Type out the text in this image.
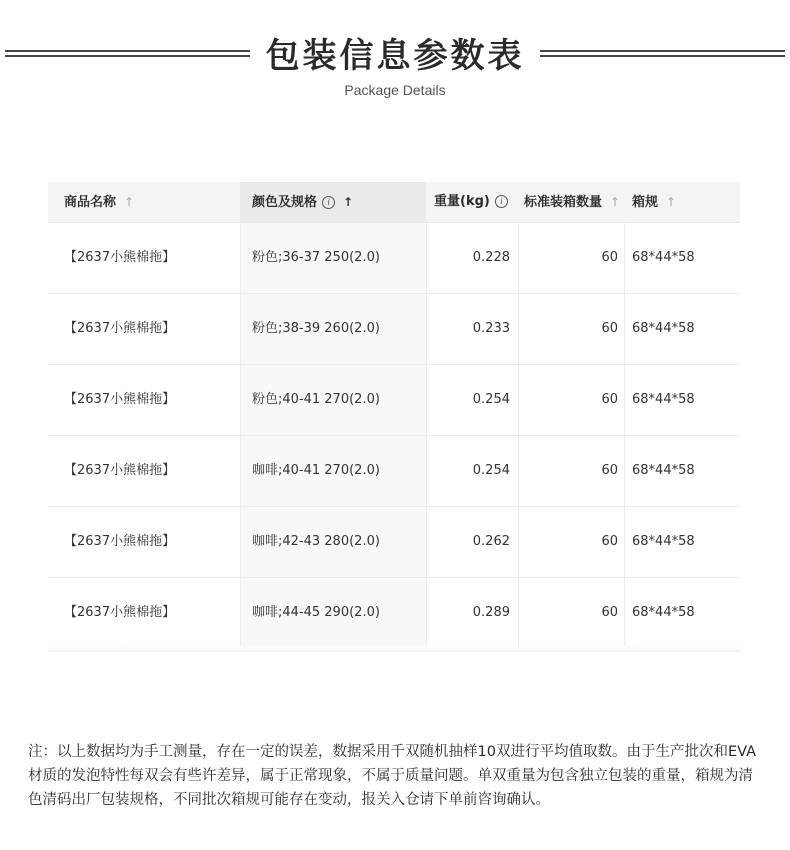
包装信息参数表
Package Details
商品名称 ↑	颜色及规格 i ↑	重量(kg) i	标准装箱数量 ↑ 箱规 ↑
【2637小熊棉拖】	粉色;36-37 250(2.0)	0.228	60	68*44*58
【2637小熊棉拖】	粉色;38-39 260(2.0)	0.233	60	68*44*58
【2637小熊棉拖】	粉色;40-41 270(2.0)	0.254	60	68*44*58
【2637小熊棉拖】	咖啡;40-41 270(2.0)	0.254	60	68*44*58
【2637小熊棉拖】	咖啡;42-43 280(2.0)	0.262	60	68*44*58
【2637小熊棉拖】	咖啡;44-45 290(2.0)	0.289	60	68*44*58
注：以上数据均为手工测量，存在一定的误差，数据采用千双随机抽样10双进行平均值取数。由于生产批次和EVA材质的发泡特性每双会有些许差异，属于正常现象，不属于质量问题。单双重量为包含独立包装的重量，箱规为清色清码出厂包装规格，不同批次箱规可能存在变动，报关入仓请下单前咨询确认。
